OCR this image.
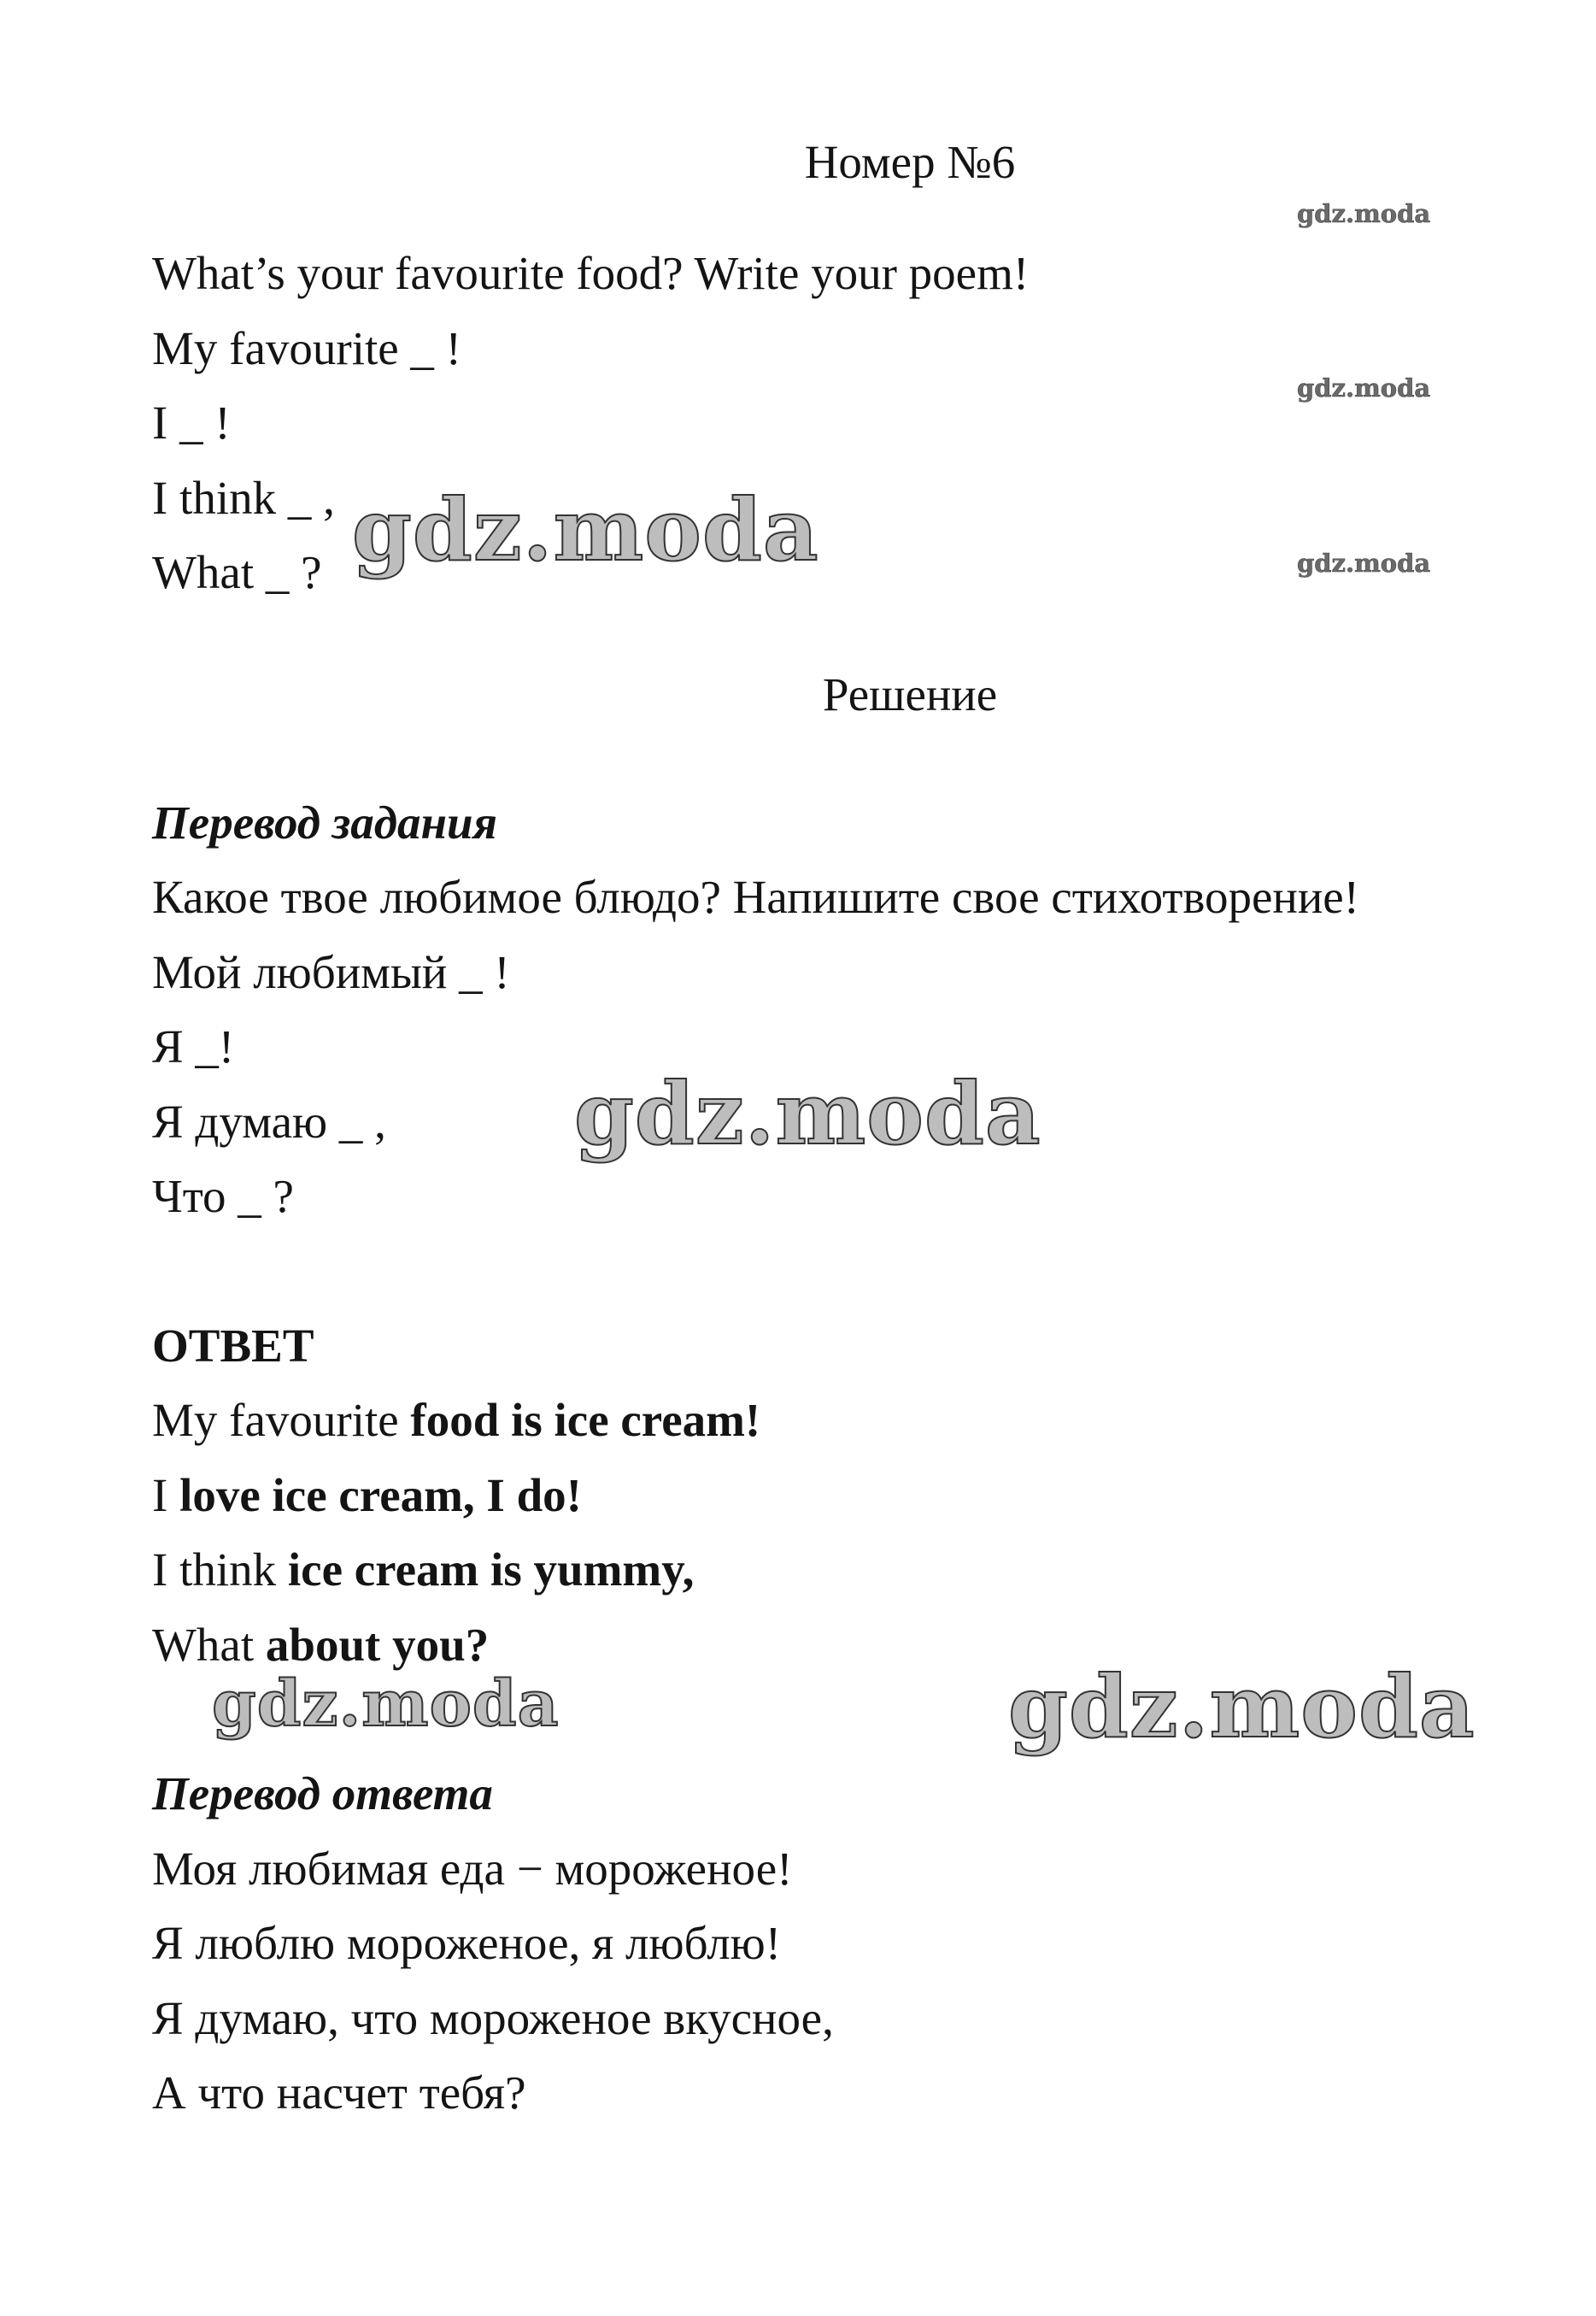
Номер №6
What’s your favourite food? Write your poem!
My favourite _ !
I _ !
I think _ ,
What _ ?
Решение
Перевод задания
Какое твое любимое блюдо? Напишите свое стихотворение!
Мой любимый _ !
Я _!
Я думаю _ ,
Что _ ?
ОТВЕТ
My favourite food is ice cream!
I love ice cream, I do!
I think ice cream is yummy,
What about you?
Перевод ответа
Моя любимая еда − мороженое!
Я люблю мороженое, я люблю!
Я думаю, что мороженое вкусное,
А что насчет тебя?
gdz.moda
gdz.moda
gdz.moda
gdz.moda
gdz.moda
gdz.moda	gdz.moda
